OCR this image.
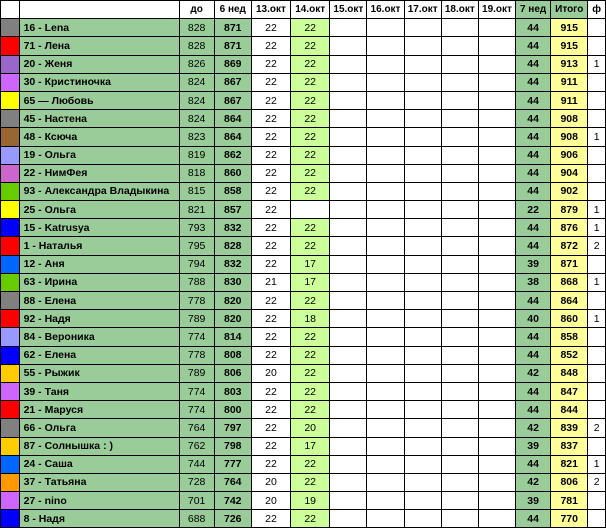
		до	6 нед	13.окт	14.окт	15.окт	16.окт	17.окт	18.окт	19.окт	7 нед	Итого	ф

	16 - Lena	828	871	22	22						44	915	

	71 - Лена	828	871	22	22						44	915	

	20 - Женя	826	869	22	22						44	913	1

	30 - Кристиночка	824	867	22	22						44	911	

	65 — Любовь	824	867	22	22						44	911	

	45 - Настена	824	864	22	22						44	908	

	48 - Ксюча	823	864	22	22						44	908	1

	19 - Ольга	819	862	22	22						44	906	

	22 - НимФея	818	860	22	22						44	904	

	93 - Александра Владыкина	815	858	22	22						44	902	

	25 - Ольга	821	857	22							22	879	1

	15 - Katrusya	793	832	22	22						44	876	1

	1 - Наталья	795	828	22	22						44	872	2

	12 - Аня	794	832	22	17						39	871	

	63 - Ирина	788	830	21	17						38	868	1

	88 - Елена	778	820	22	22						44	864	

	92 - Надя	789	820	22	18						40	860	1

	84 - Вероника	774	814	22	22						44	858	

	62 - Елена	778	808	22	22						44	852	

	55 - Рыжик	789	806	20	22						42	848	

	39 - Таня	774	803	22	22						44	847	

	21 - Маруся	774	800	22	22						44	844	

	66 - Ольга	764	797	22	20						42	839	2

	87 - Солнышка : )	762	798	22	17						39	837	

	24 - Саша	744	777	22	22						44	821	1

	37 - Татьяна	728	764	20	22						42	806	2

	27 - nino	701	742	20	19						39	781	

	8 - Надя	688	726	22	22						44	770	
